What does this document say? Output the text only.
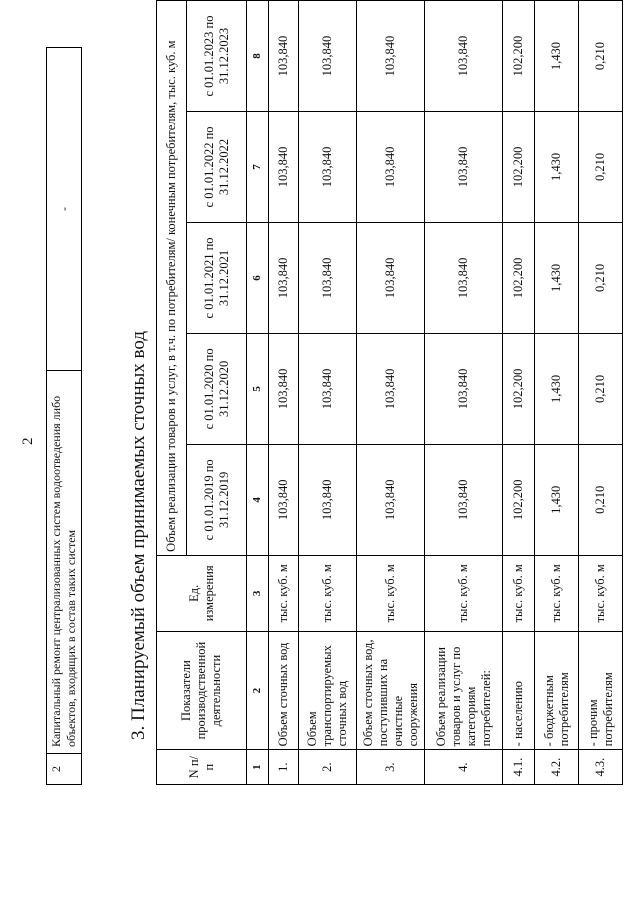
2
2	Капитальный ремонт централизованных систем водоотведения либо объектов, входящих в состав таких систем	-
3. Планируемый объем принимаемых сточных вод
N п/п	Показатели производственной деятельности	Ед. измерения	Объем реализации товаров и услуг, в т.ч. по потребителям/ конечным потребителям, тыс. куб. м				
			с 01.01.2019 по 31.12.2019	с 01.01.2020 по 31.12.2020	с 01.01.2021 по 31.12.2021	с 01.01.2022 по 31.12.2022	с 01.01.2023 по 31.12.2023
1	2	3	4	5	6	7	8
1.	Объем сточных вод	тыс. куб. м	103,840	103,840	103,840	103,840	103,840
2.	Объем транспортируемых сточных вод	тыс. куб. м	103,840	103,840	103,840	103,840	103,840
3.	Объем сточных вод, поступивших на очистные сооружения	тыс. куб. м	103,840	103,840	103,840	103,840	103,840
4.	Объем реализации товаров и услуг по категориям потребителей:	тыс. куб. м	103,840	103,840	103,840	103,840	103,840
4.1.	- населению	тыс. куб. м	102,200	102,200	102,200	102,200	102,200
4.2.	- бюджетным потребителям	тыс. куб. м	1,430	1,430	1,430	1,430	1,430
4.3.	- прочим потребителям	тыс. куб. м	0,210	0,210	0,210	0,210	0,210
